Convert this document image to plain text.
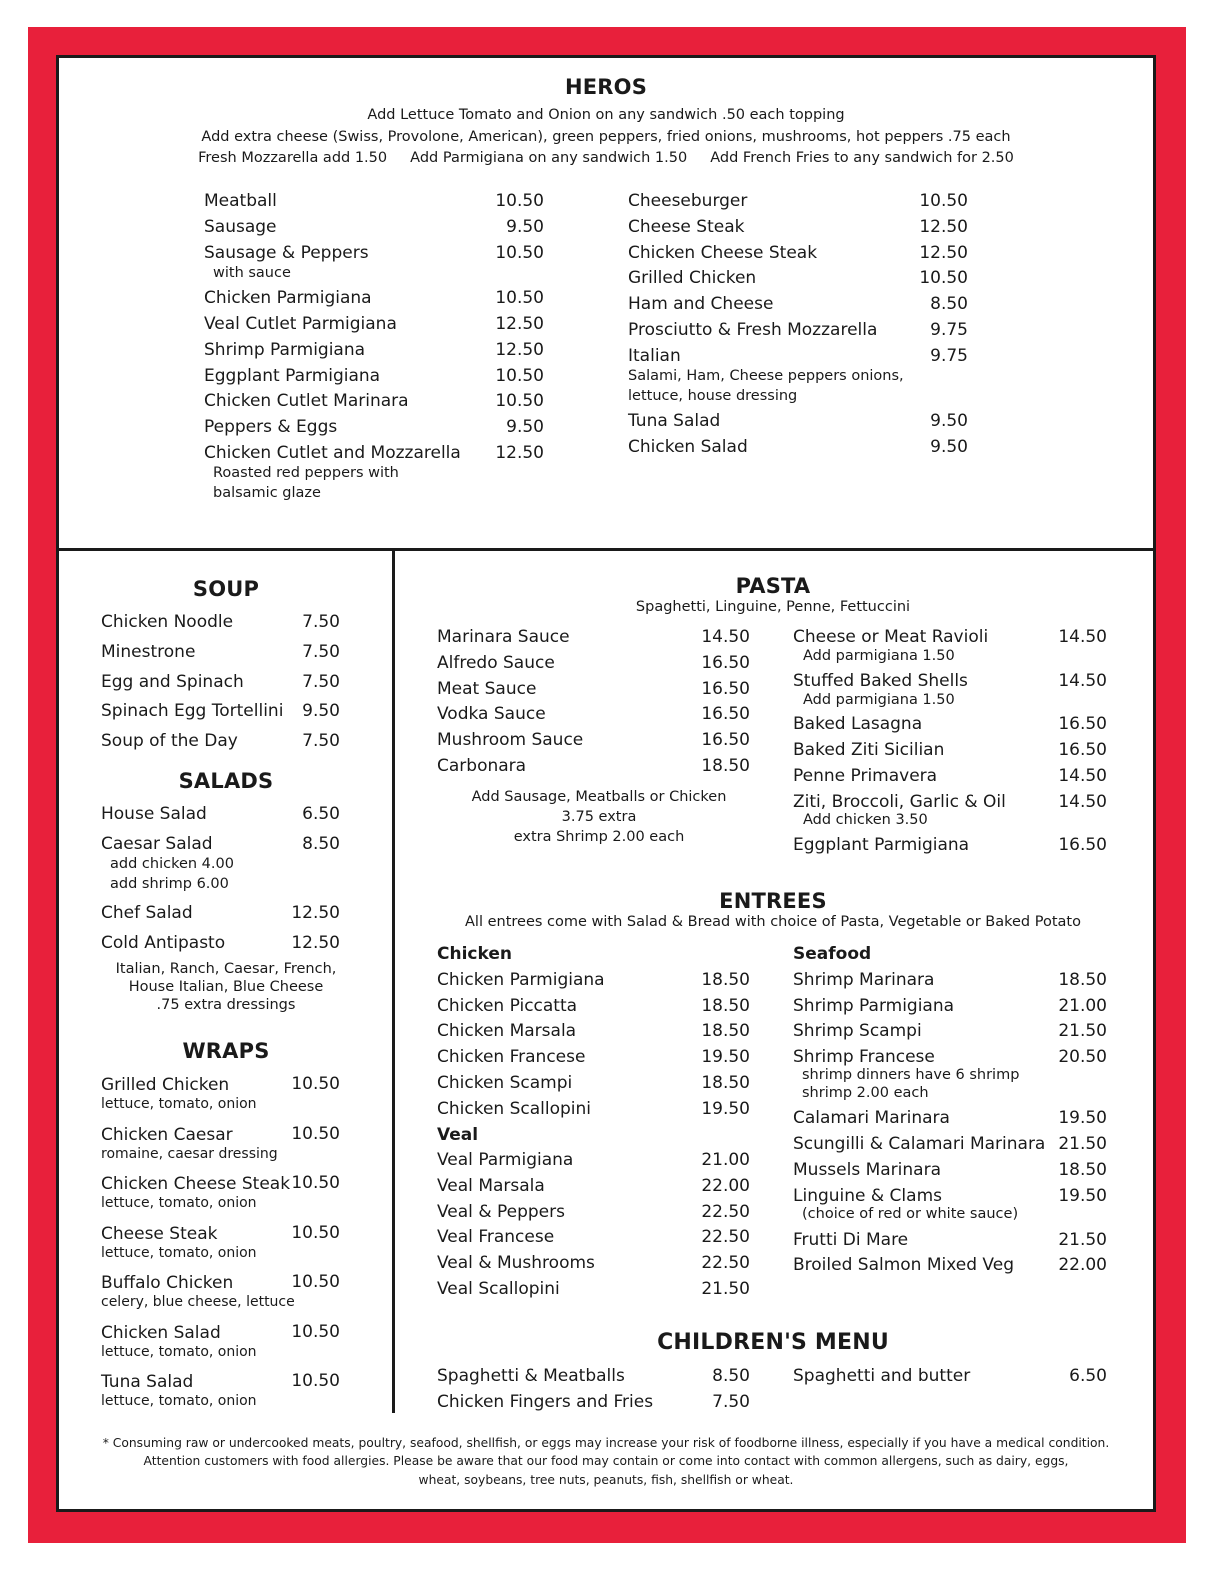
HEROS
Add Lettuce Tomato and Onion on any sandwich .50 each topping
Add extra cheese (Swiss, Provolone, American), green peppers, fried onions, mushrooms, hot peppers .75 each
Fresh Mozzarella add 1.50     Add Parmigiana on any sandwich 1.50     Add French Fries to any sandwich for 2.50
Meatball	10.50
Sausage	9.50
Sausage & Peppers	10.50
with sauce
Chicken Parmigiana	10.50
Veal Cutlet Parmigiana	12.50
Shrimp Parmigiana	12.50
Eggplant Parmigiana	10.50
Chicken Cutlet Marinara	10.50
Peppers & Eggs	9.50
Chicken Cutlet and Mozzarella	12.50
Roasted red peppers with
balsamic glaze
Cheeseburger	10.50
Cheese Steak	12.50
Chicken Cheese Steak	12.50
Grilled Chicken	10.50
Ham and Cheese	8.50
Prosciutto & Fresh Mozzarella	9.75
Italian	9.75
Salami, Ham, Cheese peppers onions,
lettuce, house dressing
Tuna Salad	9.50
Chicken Salad	9.50
SOUP
Chicken Noodle	7.50
Minestrone	7.50
Egg and Spinach	7.50
Spinach Egg Tortellini	9.50
Soup of the Day	7.50
SALADS
House Salad	6.50
Caesar Salad	8.50
add chicken 4.00
add shrimp 6.00
Chef Salad	12.50
Cold Antipasto	12.50
Italian, Ranch, Caesar, French,
House Italian, Blue Cheese
.75 extra dressings
WRAPS
Grilled Chicken	10.50
lettuce, tomato, onion
Chicken Caesar	10.50
romaine, caesar dressing
Chicken Cheese Steak 10.50
lettuce, tomato, onion
Cheese Steak	10.50
lettuce, tomato, onion
Buffalo Chicken	10.50
celery, blue cheese, lettuce
Chicken Salad	10.50
lettuce, tomato, onion
Tuna Salad	10.50
lettuce, tomato, onion
PASTA
Spaghetti, Linguine, Penne, Fettuccini
Marinara Sauce	14.50
Alfredo Sauce	16.50
Meat Sauce	16.50
Vodka Sauce	16.50
Mushroom Sauce	16.50
Carbonara	18.50
Add Sausage, Meatballs or Chicken
3.75 extra
extra Shrimp 2.00 each
Cheese or Meat Ravioli	14.50
Add parmigiana 1.50
Stuffed Baked Shells	14.50
Add parmigiana 1.50
Baked Lasagna	16.50
Baked Ziti Sicilian	16.50
Penne Primavera	14.50
Ziti, Broccoli, Garlic & Oil	14.50
Add chicken 3.50
Eggplant Parmigiana	16.50
ENTREES
All entrees come with Salad & Bread with choice of Pasta, Vegetable or Baked Potato
Chicken
Chicken Parmigiana	18.50
Chicken Piccatta	18.50
Chicken Marsala	18.50
Chicken Francese	19.50
Chicken Scampi	18.50
Chicken Scallopini	19.50
Veal
Veal Parmigiana	21.00
Veal Marsala	22.00
Veal & Peppers	22.50
Veal Francese	22.50
Veal & Mushrooms	22.50
Veal Scallopini	21.50
Seafood
Shrimp Marinara	18.50
Shrimp Parmigiana	21.00
Shrimp Scampi	21.50
Shrimp Francese	20.50
shrimp dinners have 6 shrimp
shrimp 2.00 each
Calamari Marinara	19.50
Scungilli & Calamari Marinara 21.50
Mussels Marinara	18.50
Linguine & Clams	19.50
(choice of red or white sauce)
Frutti Di Mare	21.50
Broiled Salmon Mixed Veg	22.00
CHILDREN'S MENU
Spaghetti & Meatballs	8.50
Chicken Fingers and Fries	7.50
Spaghetti and butter	6.50
* Consuming raw or undercooked meats, poultry, seafood, shellfish, or eggs may increase your risk of foodborne illness, especially if you have a medical condition.
Attention customers with food allergies. Please be aware that our food may contain or come into contact with common allergens, such as dairy, eggs,
wheat, soybeans, tree nuts, peanuts, fish, shellfish or wheat.
